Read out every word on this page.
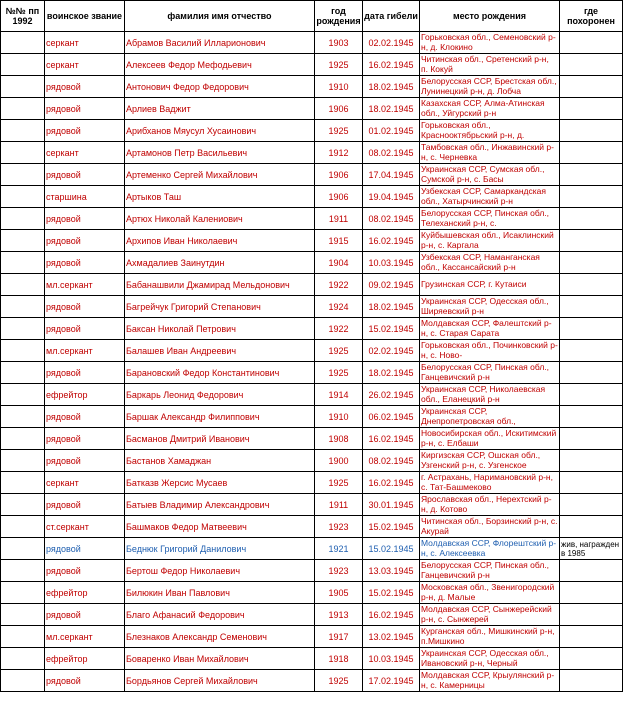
№№ пп 1992	воинское звание	фамилия имя отчество	год рождения	дата гибели	место рождения	где похоронен
	серкант	Абрамов Василий Илларионович	1903	02.02.1945	Горьковская обл., Семеновский р-н, д. Клокино	
	серкант	Алексеев Федор Мефодьевич	1925	16.02.1945	Читинская обл., Сретенский р-н, п. Кокуй	
	рядовой	Антонович Федор Федорович	1910	18.02.1945	Белорусская ССР, Брестская обл., Лунинецкий р-н, д. Лобча	
	рядовой	Арлиев Ваджит	1906	18.02.1945	Казахская ССР, Алма-Атинская обл., Уйгурский р-н	
	рядовой	Арибханов Мяусул Хусаинович	1925	01.02.1945	Горьковская обл., Краснооктябрьский р-н, д.	
	серкант	Артамонов Петр Васильевич	1912	08.02.1945	Тамбовская обл., Инжавинский р-н, с. Черневка	
	рядовой	Артеменко Сергей Михайлович	1906	17.04.1945	Украинская ССР, Сумская обл., Сумской р-н, с. Басы	
	старшина	Артыков Таш	1906	19.04.1945	Узбекская ССР, Самаркандская обл., Хатырчинский р-н	
	рядовой	Артюх Николай Калениович	1911	08.02.1945	Белорусская ССР, Пинская обл., Телеханский р-н, с.	
	рядовой	Архипов Иван Николаевич	1915	16.02.1945	Куйбышевская обл., Исаклинский р-н, с. Каргала	
	рядовой	Ахмадалиев Заинутдин	1904	10.03.1945	Узбекская ССР, Наманганская обл., Кассансайский р-н	
	мл.серкант	Бабанашвили Джамирад Мельдонович	1922	09.02.1945	Грузинская ССР, г. Кутаиси	
	рядовой	Багрейчук Григорий Степанович	1924	18.02.1945	Украинская ССР, Одесская обл., Ширяевский р-н	
	рядовой	Баксан Николай Петрович	1922	15.02.1945	Молдавская ССР, Фалештский р-н, с. Старая Сарата	
	мл.серкант	Балашев Иван Андреевич	1925	02.02.1945	Горьковская обл., Починковский р-н, с. Ново-	
	рядовой	Барановский Федор Константинович	1925	18.02.1945	Белорусская ССР, Пинская обл., Ганцевичский р-н	
	ефрейтор	Баркарь Леонид Федорович	1914	26.02.1945	Украинская ССР, Николаевская обл., Еланецкий р-н	
	рядовой	Баршак Александр Филиппович	1910	06.02.1945	Украинская ССР, Днепропетровская обл.,	
	рядовой	Басманов Дмитрий Иванович	1908	16.02.1945	Новосибирская обл., Искитимский р-н, с. Елбаши	
	рядовой	Бастанов Хамаджан	1900	08.02.1945	Киргизская ССР, Ошская обл., Узгенский р-н, с. Узгенское	
	серкант	Батказв Жерсис Мусаев	1925	16.02.1945	г. Астрахань, Наримановский р-н, с. Тат-Башмеково	
	рядовой	Батыев Владимир Александрович	1911	30.01.1945	Ярославская обл., Нерехтский р-н, д. Котово	
	ст.серкант	Башмаков Федор Матвеевич	1923	15.02.1945	Читинская обл., Борзинский р-н, с. Акурай	
	рядовой	Беднюк Григорий Данилович	1921	15.02.1945	Молдавская ССР, Флорештский р-н, с. Алексеевка	жив, награжден в 1985
	рядовой	Бертош Федор Николаевич	1923	13.03.1945	Белорусская ССР, Пинская обл., Ганцевичский р-н	
	ефрейтор	Билюкин Иван Павлович	1905	15.02.1945	Московская обл., Звенигородский р-н, д. Малые	
	рядовой	Благо Афанасий Федорович	1913	16.02.1945	Молдавская ССР, Сынжерейский р-н, с. Сынжерей	
	мл.серкант	Блезнаков Александр Семенович	1917	13.02.1945	Курганская обл., Мишкинский р-н, п.Мишкино	
	ефрейтор	Боваренко Иван Михайлович	1918	10.03.1945	Украинская ССР, Одесская обл., Ивановский р-н, Черный	
	рядовой	Бордьянов Сергей Михайлович	1925	17.02.1945	Молдавская ССР, Крыулянский р-н, с. Камерницы	
